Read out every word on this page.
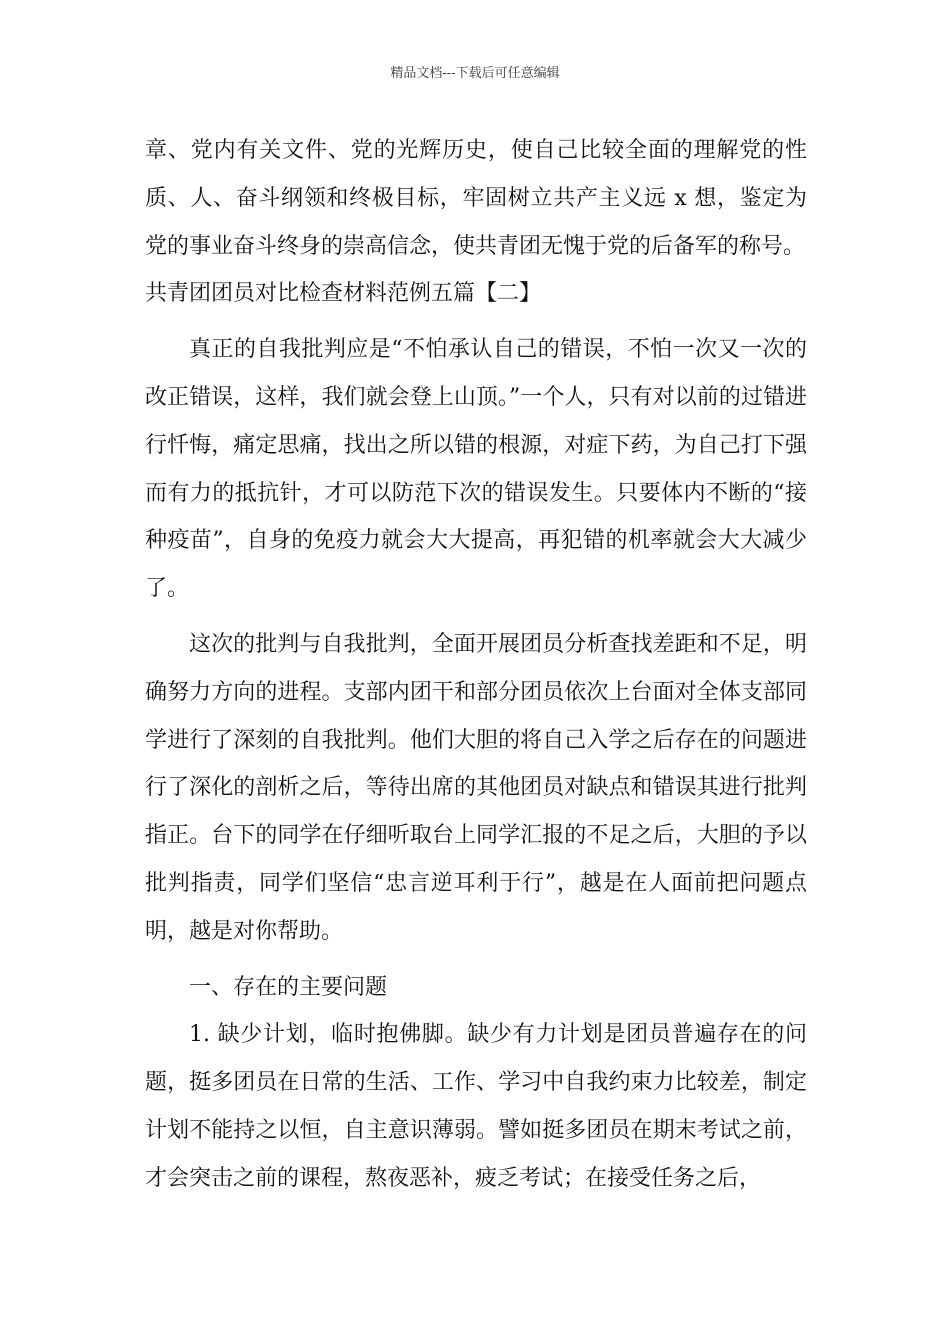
精品文档---下载后可任意编辑

章、党内有关文件、党的光辉历史，使自己比较全面的理解党的性质、人、奋斗纲领和终极目标，牢固树立共产主义远 x 想，鉴定为党的事业奋斗终身的崇高信念，使共青团无愧于党的后备军的称号。

共青团团员对比检查材料范例五篇【二】

真正的自我批判应是“不怕承认自己的错误，不怕一次又一次的改正错误，这样，我们就会登上山顶。”一个人，只有对以前的过错进行忏悔，痛定思痛，找出之所以错的根源，对症下药，为自己打下强而有力的抵抗针，才可以防范下次的错误发生。只要体内不断的“接种疫苗”，自身的免疫力就会大大提高，再犯错的机率就会大大减少了。

这次的批判与自我批判，全面开展团员分析查找差距和不足，明确努力方向的进程。支部内团干和部分团员依次上台面对全体支部同学进行了深刻的自我批判。他们大胆的将自己入学之后存在的问题进行了深化的剖析之后，等待出席的其他团员对缺点和错误其进行批判指正。台下的同学在仔细听取台上同学汇报的不足之后，大胆的予以批判指责，同学们坚信“忠言逆耳利于行”，越是在人面前把问题点明，越是对你帮助。

一、存在的主要问题

1. 缺少计划，临时抱佛脚。缺少有力计划是团员普遍存在的问题，挺多团员在日常的生活、工作、学习中自我约束力比较差，制定计划不能持之以恒，自主意识薄弱。譬如挺多团员在期末考试之前，才会突击之前的课程，熬夜恶补，疲乏考试；在接受任务之后，
